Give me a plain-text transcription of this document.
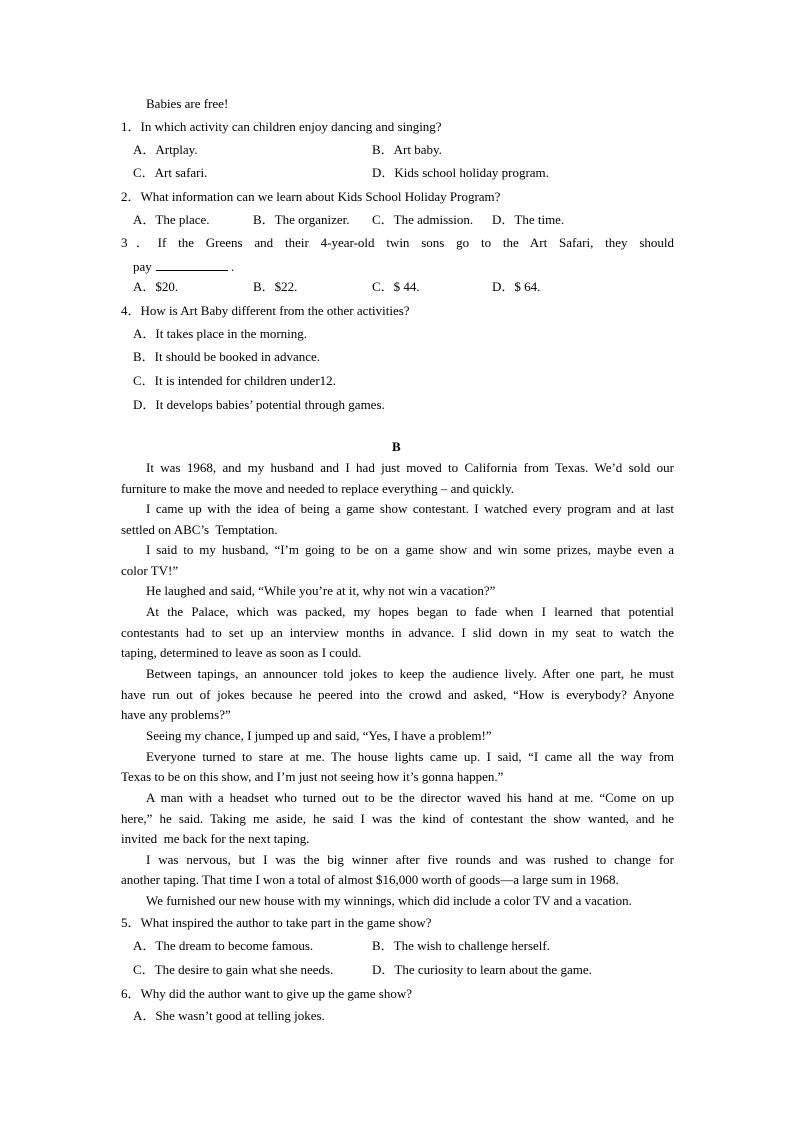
Babies are free!
1．In which activity can children enjoy dancing and singing?
A．Artplay.	B．Art baby.
C．Art safari.	D．Kids school holiday program.
2．What information can we learn about Kids School Holiday Program?
A．The place.	B．The organizer. C．The admission. D．The time.
3．If the Greens and their 4-year-old twin sons go to the Art Safari, they should
pay	.
A．$20.	B．$22.	C．$ 44.	D．$ 64.
4．How is Art Baby different from the other activities?
A．It takes place in the morning.
B．It should be booked in advance.
C．It is intended for children under12.
D．It develops babies’ potential through games.
B
It was 1968, and my husband and I had just moved to California from Texas. We’d sold our
furniture to make the move and needed to replace everything – and quickly.
I came up with the idea of being a game show contestant. I watched every program and at last
settled on ABC’s  Temptation.
I said to my husband, “I’m going to be on a game show and win some prizes, maybe even a
color TV!”
He laughed and said, “While you’re at it, why not win a vacation?”
At the Palace, which was packed, my hopes began to fade when I learned that potential
contestants had to set up an interview months in advance. I slid down in my seat to watch the
taping, determined to leave as soon as I could.
Between tapings, an announcer told jokes to keep the audience lively. After one part, he must
have run out of jokes because he peered into the crowd and asked, “How is everybody? Anyone
have any problems?”
Seeing my chance, I jumped up and said, “Yes, I have a problem!”
Everyone turned to stare at me. The house lights came up. I said, “I came all the way from
Texas to be on this show, and I’m just not seeing how it’s gonna happen.”
A man with a headset who turned out to be the director waved his hand at me. “Come on up
here,” he said. Taking me aside, he said I was the kind of contestant the show wanted, and he
invited  me back for the next taping.
I was nervous, but I was the big winner after five rounds and was rushed to change for
another taping. That time I won a total of almost $16,000 worth of goods—a large sum in 1968.
We furnished our new house with my winnings, which did include a color TV and a vacation.
5．What inspired the author to take part in the game show?
A．The dream to become famous.	B．The wish to challenge herself.
C．The desire to gain what she needs.	D．The curiosity to learn about the game.
6．Why did the author want to give up the game show?
A．She wasn’t good at telling jokes.
